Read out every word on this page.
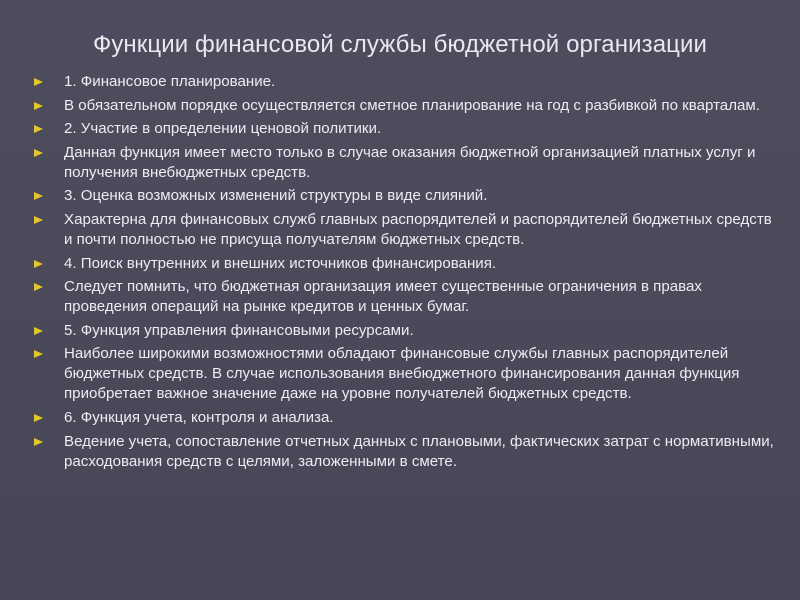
Функции финансовой службы бюджетной организации
1. Финансовое планирование.
В обязательном порядке осуществляется сметное планирование на год с разбивкой по кварталам.
2. Участие в определении ценовой политики.
Данная функция имеет место только в случае оказания бюджетной организацией платных услуг и получения внебюджетных средств.
3. Оценка возможных изменений структуры в виде слияний.
Характерна для финансовых служб главных распорядителей и распорядителей бюджетных средств и почти полностью не присуща получателям бюджетных средств.
4. Поиск внутренних и внешних источников финансирования.
Следует помнить, что бюджетная организация имеет существенные ограничения в правах проведения операций на рынке кредитов и ценных бумаг.
5. Функция управления финансовыми ресурсами.
Наиболее широкими возможностями обладают финансовые службы главных распорядителей бюджетных средств. В случае использования внебюджетного финансирования данная функция приобретает важное значение даже на уровне получателей бюджетных средств.
6. Функция учета, контроля и анализа.
Ведение учета, сопоставление отчетных данных с плановыми, фактических затрат с нормативными, расходования средств с целями, заложенными в смете.
